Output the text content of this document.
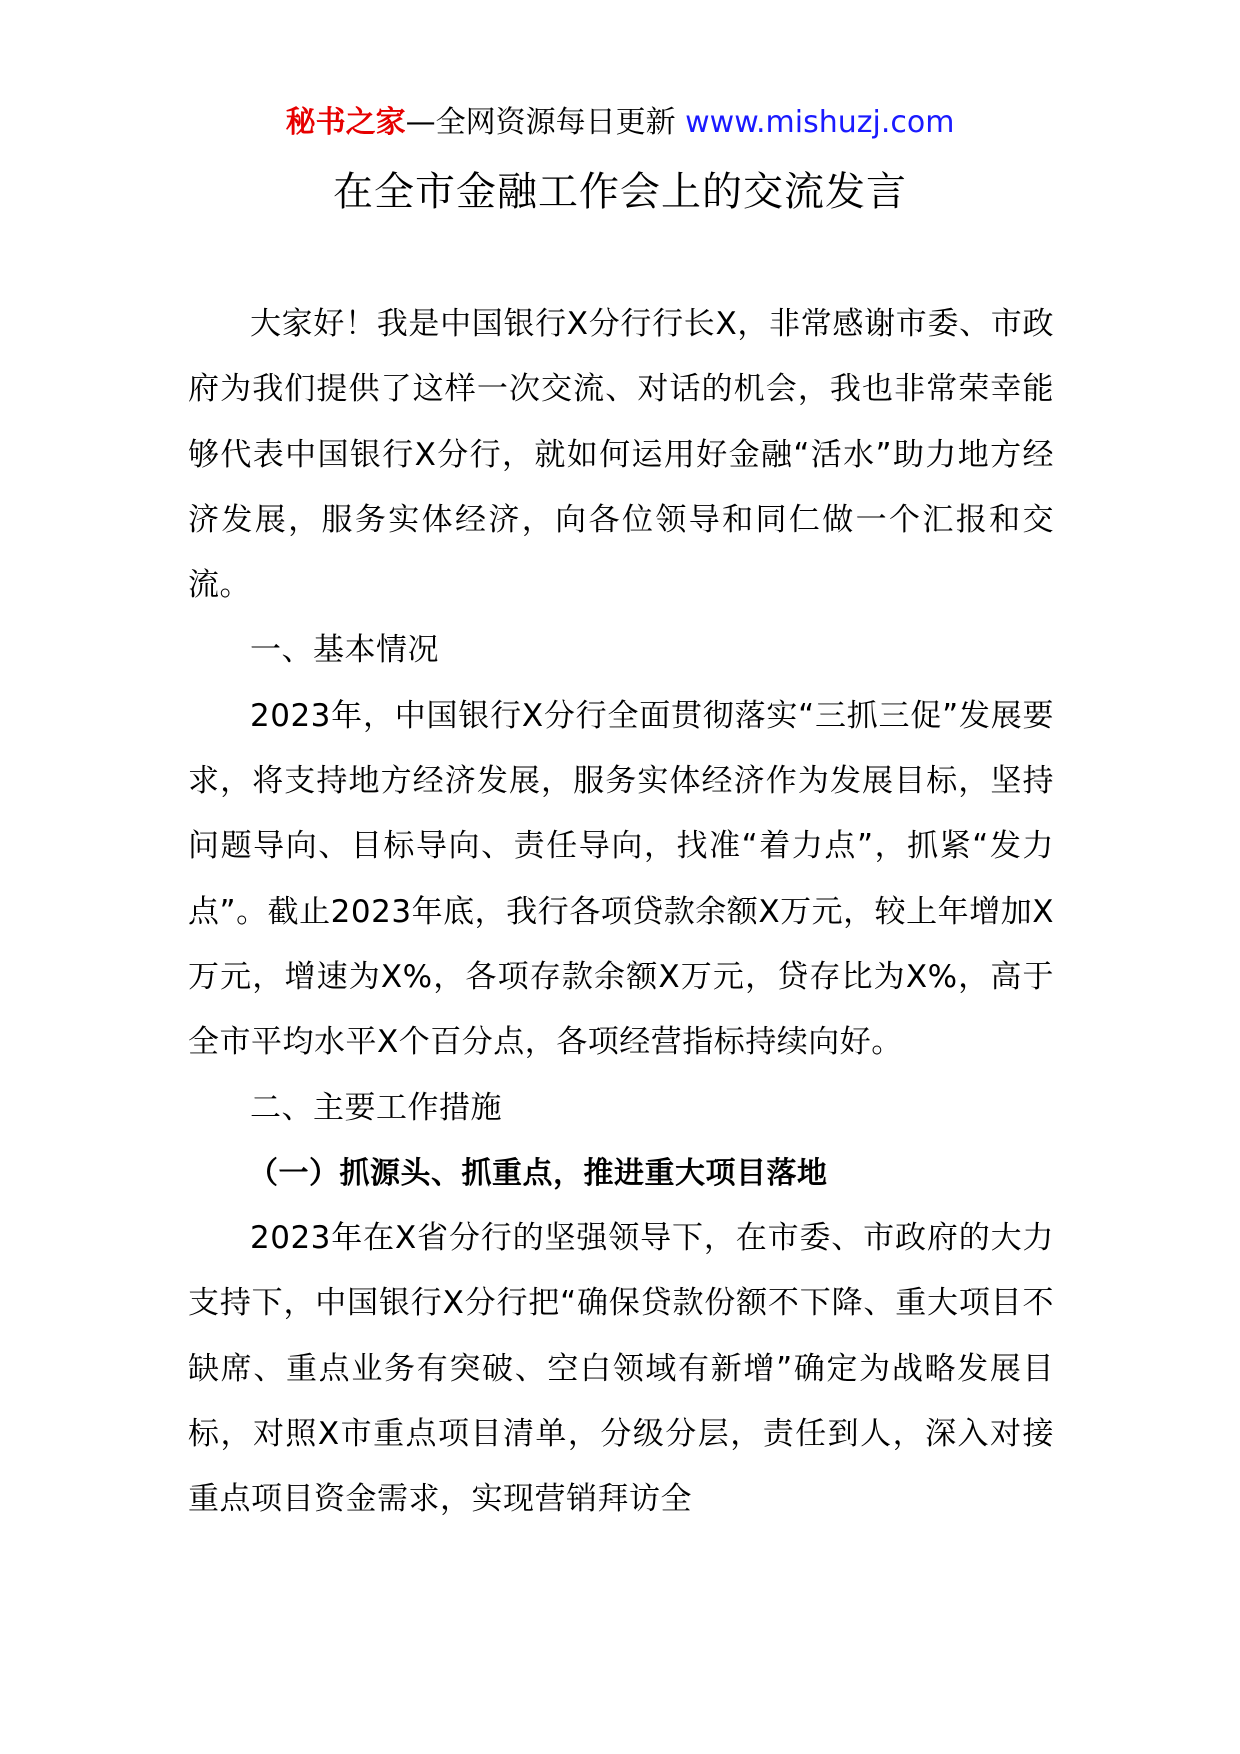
秘书之家—全网资源每日更新 www.mishuzj.com
在全市金融工作会上的交流发言

大家好！我是中国银行X分行行长X，非常感谢市委、市政府为我们提供了这样一次交流、对话的机会，我也非常荣幸能够代表中国银行X分行，就如何运用好金融“活水”助力地方经济发展，服务实体经济，向各位领导和同仁做一个汇报和交流。

一、基本情况

2023年，中国银行X分行全面贯彻落实“三抓三促”发展要求，将支持地方经济发展，服务实体经济作为发展目标，坚持问题导向、目标导向、责任导向，找准“着力点”，抓紧“发力点”。截止2023年底，我行各项贷款余额X万元，较上年增加X万元，增速为X%，各项存款余额X万元，贷存比为X%，高于全市平均水平X个百分点，各项经营指标持续向好。

二、主要工作措施

（一）抓源头、抓重点，推进重大项目落地

2023年在X省分行的坚强领导下，在市委、市政府的大力支持下，中国银行X分行把“确保贷款份额不下降、重大项目不缺席、重点业务有突破、空白领域有新增”确定为战略发展目标，对照X市重点项目清单，分级分层，责任到人，深入对接重点项目资金需求，实现营销拜访全
